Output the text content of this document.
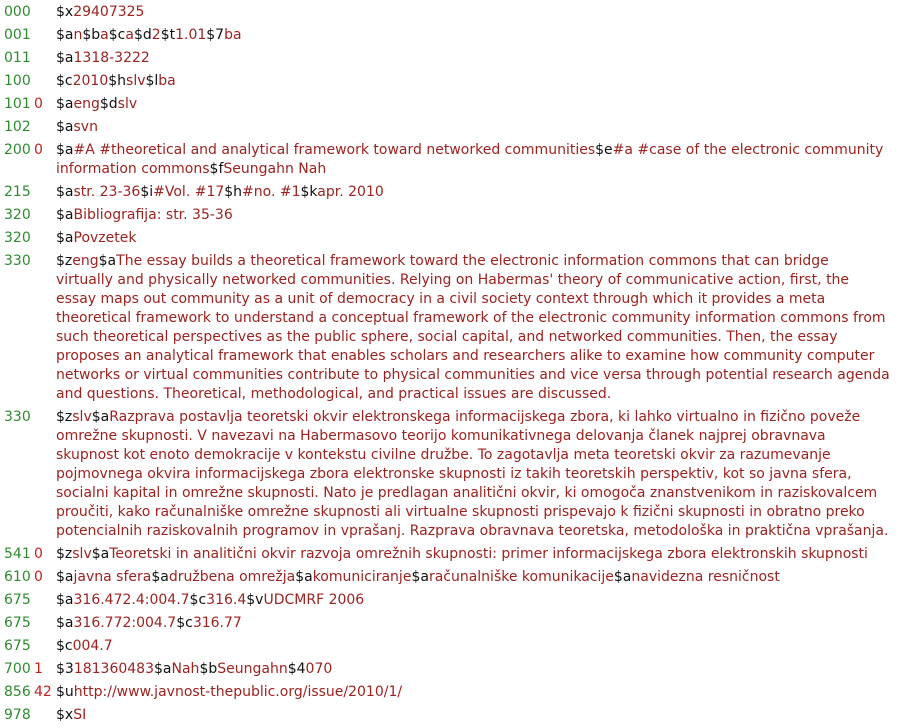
000 $x29407325
001 $an$ba$ca$d2$t1.01$7ba
011 $a1318-3222
100 $c2010$hslv$lba
101 0 $aeng$dslv
102 $asvn
200 0 $a#A #theoretical and analytical framework toward networked communities$e#a #case of the electronic community information commons$fSeungahn Nah
215 $astr. 23-36$i#Vol. #17$h#no. #1$kapr. 2010
320 $aBibliografija: str. 35-36
320 $aPovzetek
330 $zeng$aThe essay builds a theoretical framework toward the electronic information commons that can bridge virtually and physically networked communities. Relying on Habermas' theory of communicative action, first, the essay maps out community as a unit of democracy in a civil society context through which it provides a meta theoretical framework to understand a conceptual framework of the electronic community information commons from such theoretical perspectives as the public sphere, social capital, and networked communities. Then, the essay proposes an analytical framework that enables scholars and researchers alike to examine how community computer networks or virtual communities contribute to physical communities and vice versa through potential research agenda and questions. Theoretical, methodological, and practical issues are discussed.
330 $zslv$aRazprava postavlja teoretski okvir elektronskega informacijskega zbora, ki lahko virtualno in fizično poveže omrežne skupnosti. V navezavi na Habermasovo teorijo komunikativnega delovanja članek najprej obravnava skupnost kot enoto demokracije v kontekstu civilne družbe. To zagotavlja meta teoretski okvir za razumevanje pojmovnega okvira informacijskega zbora elektronske skupnosti iz takih teoretskih perspektiv, kot so javna sfera, socialni kapital in omrežne skupnosti. Nato je predlagan analitični okvir, ki omogoča znanstvenikom in raziskovalcem proučiti, kako računalniške omrežne skupnosti ali virtualne skupnosti prispevajo k fizični skupnosti in obratno preko potencialnih raziskovalnih programov in vprašanj. Razprava obravnava teoretska, metodološka in praktična vprašanja.
541 0 $zslv$aTeoretski in analitični okvir razvoja omrežnih skupnosti: primer informacijskega zbora elektronskih skupnosti
610 0 $ajavna sfera$adružbena omrežja$akomuniciranje$aračunalniške komunikacije$anavidezna resničnost
675 $a316.472.4:004.7$c316.4$vUDCMRF 2006
675 $a316.772:004.7$c316.77
675 $c004.7
700 1 $3181360483$aNah$bSeungahn$4070
856 42 $uhttp://www.javnost-thepublic.org/issue/2010/1/
978 $xSI
